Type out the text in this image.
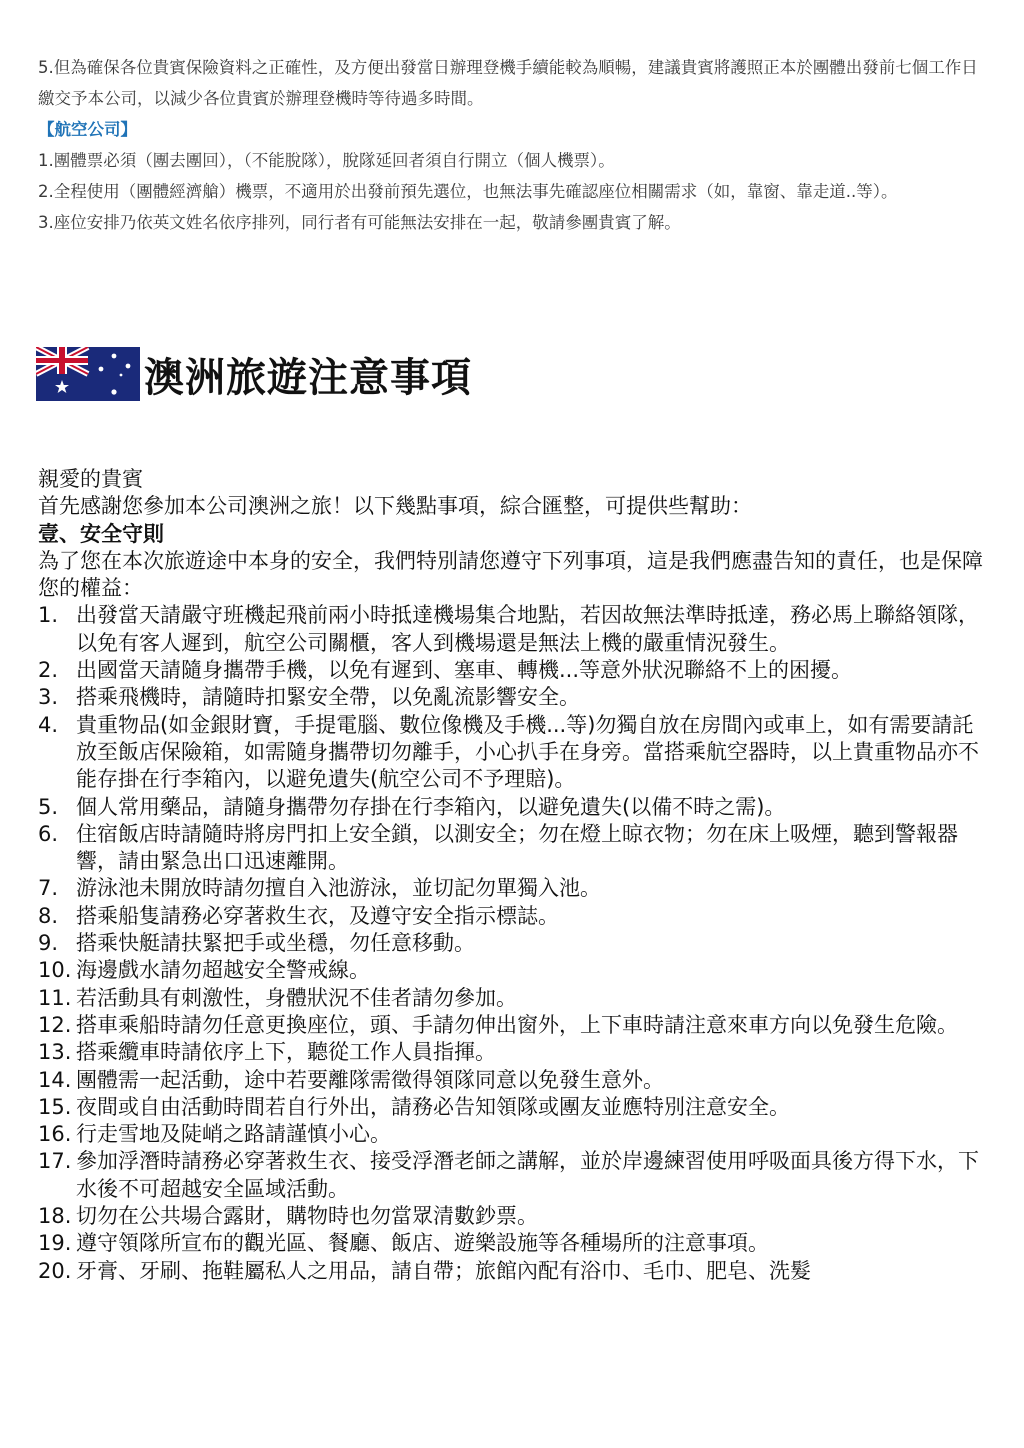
5.但為確保各位貴賓保險資料之正確性，及方便出發當日辦理登機手續能較為順暢，建議貴賓將護照正本於團體出發前七個工作日繳交予本公司，以減少各位貴賓於辦理登機時等待過多時間。

【航空公司】

1.團體票必須（團去團回），（不能脫隊），脫隊延回者須自行開立（個人機票）。

2.全程使用（團體經濟艙）機票，不適用於出發前預先選位，也無法事先確認座位相關需求（如，靠窗、靠走道..等）。

3.座位安排乃依英文姓名依序排列，同行者有可能無法安排在一起，敬請參團貴賓了解。

澳洲旅遊注意事項

親愛的貴賓

首先感謝您參加本公司澳洲之旅！以下幾點事項，綜合匯整，可提供些幫助：

壹、安全守則

為了您在本次旅遊途中本身的安全，我們特別請您遵守下列事項，這是我們應盡告知的責任，也是保障您的權益：

1. 出發當天請嚴守班機起飛前兩小時抵達機場集合地點，若因故無法準時抵達，務必馬上聯絡領隊，以免有客人遲到，航空公司關櫃，客人到機場還是無法上機的嚴重情況發生。
2. 出國當天請隨身攜帶手機，以免有遲到、塞車、轉機...等意外狀況聯絡不上的困擾。
3. 搭乘飛機時，請隨時扣緊安全帶，以免亂流影響安全。
4. 貴重物品(如金銀財寶，手提電腦、數位像機及手機...等)勿獨自放在房間內或車上，如有需要請託放至飯店保險箱，如需隨身攜帶切勿離手，小心扒手在身旁。當搭乘航空器時，以上貴重物品亦不能存掛在行李箱內，以避免遺失(航空公司不予理賠)。
5. 個人常用藥品，請隨身攜帶勿存掛在行李箱內，以避免遺失(以備不時之需)。
6. 住宿飯店時請隨時將房門扣上安全鎖，以測安全；勿在燈上晾衣物；勿在床上吸煙，聽到警報器響，請由緊急出口迅速離開。
7. 游泳池未開放時請勿擅自入池游泳，並切記勿單獨入池。
8. 搭乘船隻請務必穿著救生衣，及遵守安全指示標誌。
9. 搭乘快艇請扶緊把手或坐穩，勿任意移動。
10. 海邊戲水請勿超越安全警戒線。
11. 若活動具有刺激性，身體狀況不佳者請勿參加。
12. 搭車乘船時請勿任意更換座位，頭、手請勿伸出窗外，上下車時請注意來車方向以免發生危險。
13. 搭乘纜車時請依序上下，聽從工作人員指揮。
14. 團體需一起活動，途中若要離隊需徵得領隊同意以免發生意外。
15. 夜間或自由活動時間若自行外出，請務必告知領隊或團友並應特別注意安全。
16. 行走雪地及陡峭之路請謹慎小心。
17. 參加浮潛時請務必穿著救生衣、接受浮潛老師之講解，並於岸邊練習使用呼吸面具後方得下水，下水後不可超越安全區域活動。
18. 切勿在公共場合露財，購物時也勿當眾清數鈔票。
19. 遵守領隊所宣布的觀光區、餐廳、飯店、遊樂設施等各種場所的注意事項。
20. 牙膏、牙刷、拖鞋屬私人之用品，請自帶；旅館內配有浴巾、毛巾、肥皂、洗髮
